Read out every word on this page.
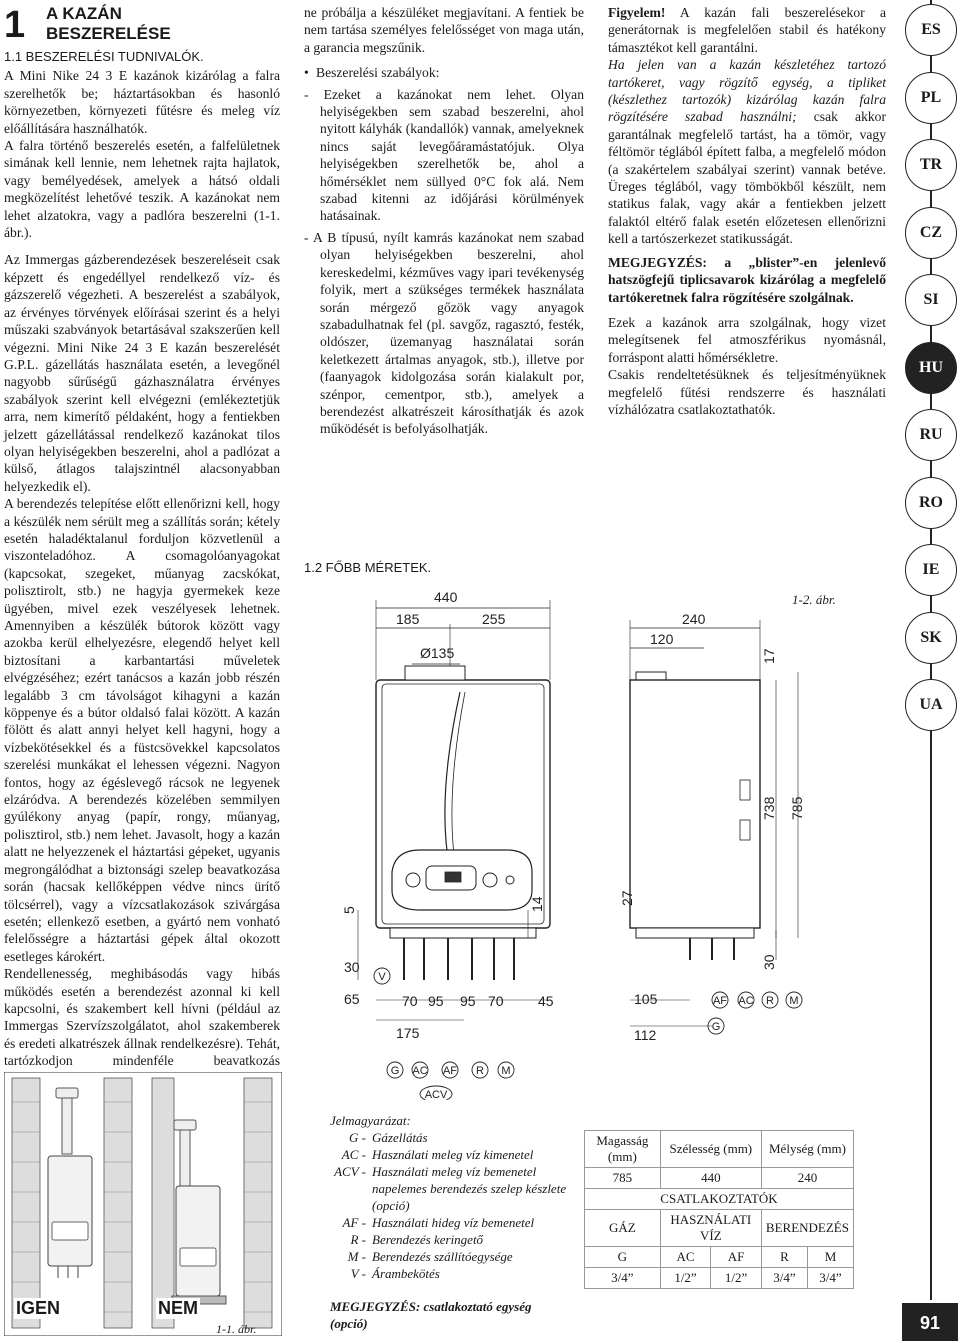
1 A KAZÁN
BESZERELÉSE

1.1 BESZERELÉSI TUDNIVALÓK.

A Mini Nike 24 3 E kazánok kizárólag a falra szerelhetők be; háztartásokban és hasonló környezetben, környezeti fűtésre és meleg víz előállítására használhatók.

A falra történő beszerelés esetén, a falfelületnek simának kell lennie, nem lehetnek rajta hajlatok, vagy bemélyedések, amelyek a hátsó oldali megközelítést lehetővé teszik. A kazánokat nem lehet alzatokra, vagy a padlóra beszerelni (1-1. ábr.).

Az Immergas gázberendezések beszereléseit csak képzett és engedéllyel rendelkező víz- és gázszerelő végezheti. A beszerelést a szabályok, az érvényes törvények előírásai szerint és a helyi műszaki szabványok betartásával szakszerűen kell végezni. Mini Nike 24 3 E kazán beszerelését G.P.L. gázellátás használata esetén, a levegőnél nagyobb sűrűségű gázhasználatra érvényes szabályok szerint kell elvégezni (emlékeztetjük arra, nem kimerítő példaként, hogy a fentiekben jelzett gázellátással rendelkező kazánokat tilos olyan helyiségekben beszerelni, ahol a padlózat a külső, átlagos talajszintnél alacsonyabban helyezkedik el).

A berendezés telepítése előtt ellenőrizni kell, hogy a készülék nem sérült meg a szállítás során; kétely esetén haladéktalanul forduljon közvetlenül a viszonteladóhoz. A csomagolóanyagokat (kapcsokat, szegeket, műanyag zacskókat, polisztirolt, stb.) ne hagyja gyermekek keze ügyében, mivel ezek veszélyesek lehetnek. Amennyiben a készülék bútorok között vagy azokba kerül elhelyezésre, elegendő helyet kell biztosítani a karbantartási műveletek elvégzéséhez; ezért tanácsos a kazán jobb részén legalább 3 cm távolságot kihagyni a kazán köppenye és a bútor oldalsó falai között. A kazán fölött és alatt annyi helyet kell hagyni, hogy a vízbekötésekkel és a füstcsövekkel kapcsolatos szerelési munkákat el lehessen végezni. Nagyon fontos, hogy az égéslevegő rácsok ne legyenek elzáródva. A berendezés közelében semmilyen gyúlékony anyag (papír, rongy, műanyag, polisztirol, stb.) nem lehet. Javasolt, hogy a kazán alatt ne helyezzenek el háztartási gépeket, ugyanis megrongálódhat a biztonsági szelep beavatkozása során (hacsak kellőképpen védve nincs ürítő tölcsérrel), vagy a vízcsatlakozások szivárgása esetén; ellenkező esetben, a gyártó nem vonható felelősségre a háztartási gépek által okozott esetleges károkért.

Rendellenesség, meghibásodás vagy hibás működés esetén a berendezést azonnal ki kell kapcsolni, és szakembert kell hívni (például az Immergas Szervízszolgálatot, ahol szakemberek és eredeti alkatrészek állnak rendelkezésre). Tehát, tartózkodjon mindenféle beavatkozás

ne próbálja a készüléket megjavítani. A fentiek be nem tartása személyes felelősséget von maga után, a garancia megszűnik.

• Beszerelési szabályok:

- Ezeket a kazánokat nem lehet. Olyan helyiségekben sem szabad beszerelni, ahol nyitott kályhák (kandallók) vannak, amelyeknek nincs saját levegőáramástatójuk. Olya helyiségekben szerelhetők be, ahol a hőmérséklet nem süllyed 0°C fok alá. Nem szabad kitenni az időjárási körülmények hatásainak.

- A B típusú, nyílt kamrás kazánokat nem szabad olyan helyiségekben beszerelni, ahol kereskedelmi, kézműves vagy ipari tevékenység folyik, mert a szükséges termékek használata során mérgező gőzök vagy anyagok szabadulhatnak fel (pl. savgőz, ragasztó, festék, oldószer, üzemanyag használatai során keletkezett ártalmas anyagok, stb.), illetve por (faanyagok kidolgozása során kialakult por, szénpor, cementpor, stb.), amelyek a berendezést alkatrészeit károsíthatják és azok működését is befolyásolhatják.

Figyelem! A kazán fali beszerelésekor a generátornak is megfelelően stabil és hatékony támasztékot kell garantálni.

Ha jelen van a kazán készletéhez tartozó tartókeret, vagy rögzítő egység, a tipliket (készlethez tartozók) kizárólag kazán falra rögzítésére szabad használni; csak akkor garantálnak megfelelő tartást, ha a tömör, vagy féltömör téglából épített falba, a megfelelő módon (a szakértelem szabályai szerint) vannak betéve. Üreges téglából, vagy tömbökből készült, nem statikus falak, vagy akár a fentiekben jelzett falaktól eltérő falak esetén előzetesen ellenőrizni kell a tartószerkezet statikusságát.

MEGJEGYZÉS: a „blister”-en jelenlevő hatszögfejű tiplicsavarok kizárólag a megfelelő tartókeretnek falra rögzítésére szolgálnak.

Ezek a kazánok arra szolgálnak, hogy vizet melegítsenek fel atmoszférikus nyomásnál, forráspont alatti hőmérsékletre.

Csakis rendeltetésüknek és teljesítményüknek megfelelő fűtési rendszerre és használati vízhálózatra csatlakoztathatók.

ES
PL
TR
CZ
SI
HU
RU
RO
IE
SK
UA
91
1.2 FŐBB MÉRETEK.
1-2. ábr.
440
185	255
Ø135
240
120
17
738 785
5
30
65
14	27
30
70 95 95 70 45
175
105
112
V
G AC AF R M
ACV
AF AC R M
G
IGEN	NEM
1-1. ábr.
Jelmagyarázat:
G - Gázellátás
AC - Használati meleg víz kimenetel
ACV - Használati meleg víz bemenetel napelemes berendezés szelep készlete (opció)
AF - Használati hideg víz bemenetel
R - Berendezés keringető
M - Berendezés szállítóegysége
V - Árambekötés
MEGJEGYZÉS: csatlakoztató egység (opció)
Magasság (mm)	Szélesség (mm)		Mélység (mm)	
785	440		240	
CSATLAKOZTATÓK				
GÁZ	HASZNÁLATI VÍZ		BERENDEZÉS	
G	AC	AF	R	M
3/4”	1/2”	1/2”	3/4”	3/4”
